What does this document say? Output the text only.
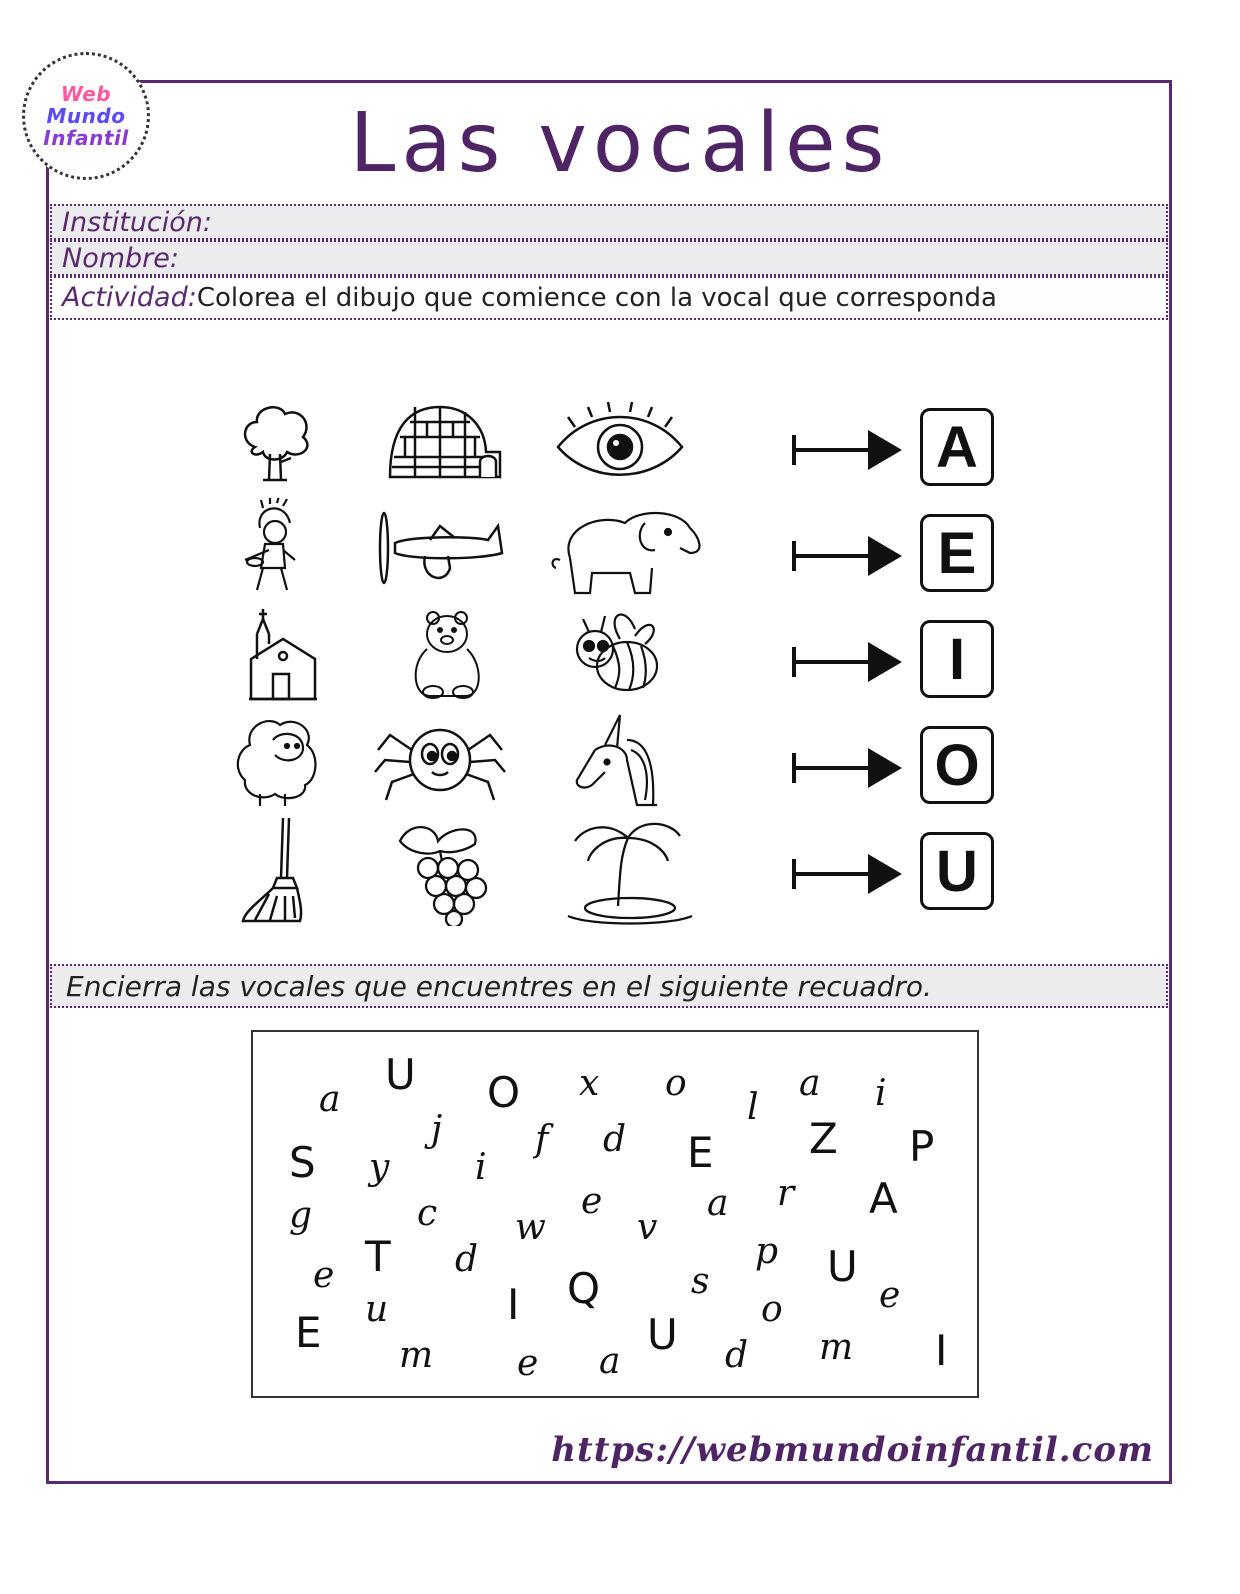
Web
Mundo
Infantil	Las vocales
Institución:
Nombre:
Actividad:Colorea el dibujo que comience con la vocal que corresponda
A
E
I
O
U
Encierra las vocales que encuentres en el siguiente recuadro.
U
a	O x o	a i
j
l
S y
f d E Z P
i
g	c	e
w	v
a r A
T d	p U
e	Q	s
u	I	o	e
E m e a
U d m I
https://webmundoinfantil.com
